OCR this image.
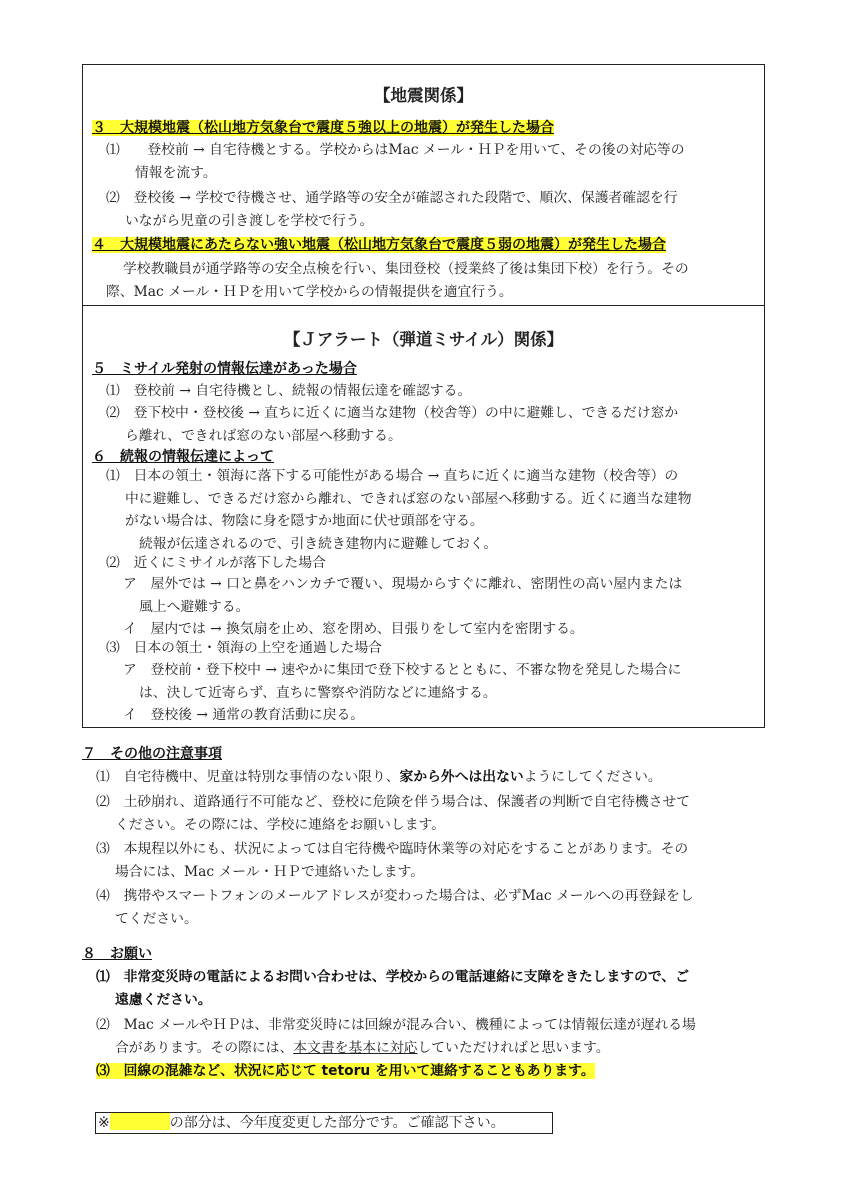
【地震関係】
３　大規模地震（松山地方気象台で震度５強以上の地震）が発生した場合
⑴　　登校前 → 自宅待機とする。学校からはMac メール・ＨＰを用いて、その後の対応等の
情報を流す。
⑵　登校後 → 学校で待機させ、通学路等の安全が確認された段階で、順次、保護者確認を行
いながら児童の引き渡しを学校で行う。
４　大規模地震にあたらない強い地震（松山地方気象台で震度５弱の地震）が発生した場合
学校教職員が通学路等の安全点検を行い、集団登校（授業終了後は集団下校）を行う。その
際、Mac メール・ＨＰを用いて学校からの情報提供を適宜行う。
【Ｊアラート（弾道ミサイル）関係】
５　ミサイル発射の情報伝達があった場合
⑴　登校前 → 自宅待機とし、続報の情報伝達を確認する。
⑵　登下校中・登校後 → 直ちに近くに適当な建物（校舎等）の中に避難し、できるだけ窓か
ら離れ、できれば窓のない部屋へ移動する。
６　続報の情報伝達によって
⑴　日本の領土・領海に落下する可能性がある場合 → 直ちに近くに適当な建物（校舎等）の
中に避難し、できるだけ窓から離れ、できれば窓のない部屋へ移動する。近くに適当な建物
がない場合は、物陰に身を隠すか地面に伏せ頭部を守る。
続報が伝達されるので、引き続き建物内に避難しておく。
⑵　近くにミサイルが落下した場合
ア　屋外では → 口と鼻をハンカチで覆い、現場からすぐに離れ、密閉性の高い屋内または
風上へ避難する。
イ　屋内では → 換気扇を止め、窓を閉め、目張りをして室内を密閉する。
⑶　日本の領土・領海の上空を通過した場合
ア　登校前・登下校中 → 速やかに集団で登下校するとともに、不審な物を発見した場合に
は、決して近寄らず、直ちに警察や消防などに連絡する。
イ　登校後 → 通常の教育活動に戻る。
７　その他の注意事項
⑴　自宅待機中、児童は特別な事情のない限り、家から外へは出ないようにしてください。
⑵　土砂崩れ、道路通行不可能など、登校に危険を伴う場合は、保護者の判断で自宅待機させて
ください。その際には、学校に連絡をお願いします。
⑶　本規程以外にも、状況によっては自宅待機や臨時休業等の対応をすることがあります。その
場合には、Mac メール・ＨＰで連絡いたします。
⑷　携帯やスマートフォンのメールアドレスが変わった場合は、必ずMac メールへの再登録をし
てください。
８　お願い
⑴　非常変災時の電話によるお問い合わせは、学校からの電話連絡に支障をきたしますので、ご
遠慮ください。
⑵　Mac メールやＨＰは、非常変災時には回線が混み合い、機種によっては情報伝達が遅れる場
合があります。その際には、本文書を基本に対応していただければと思います。
⑶　回線の混雑など、状況に応じて tetoru を用いて連絡することもあります。
※	の部分は、今年度変更した部分です。ご確認下さい。
